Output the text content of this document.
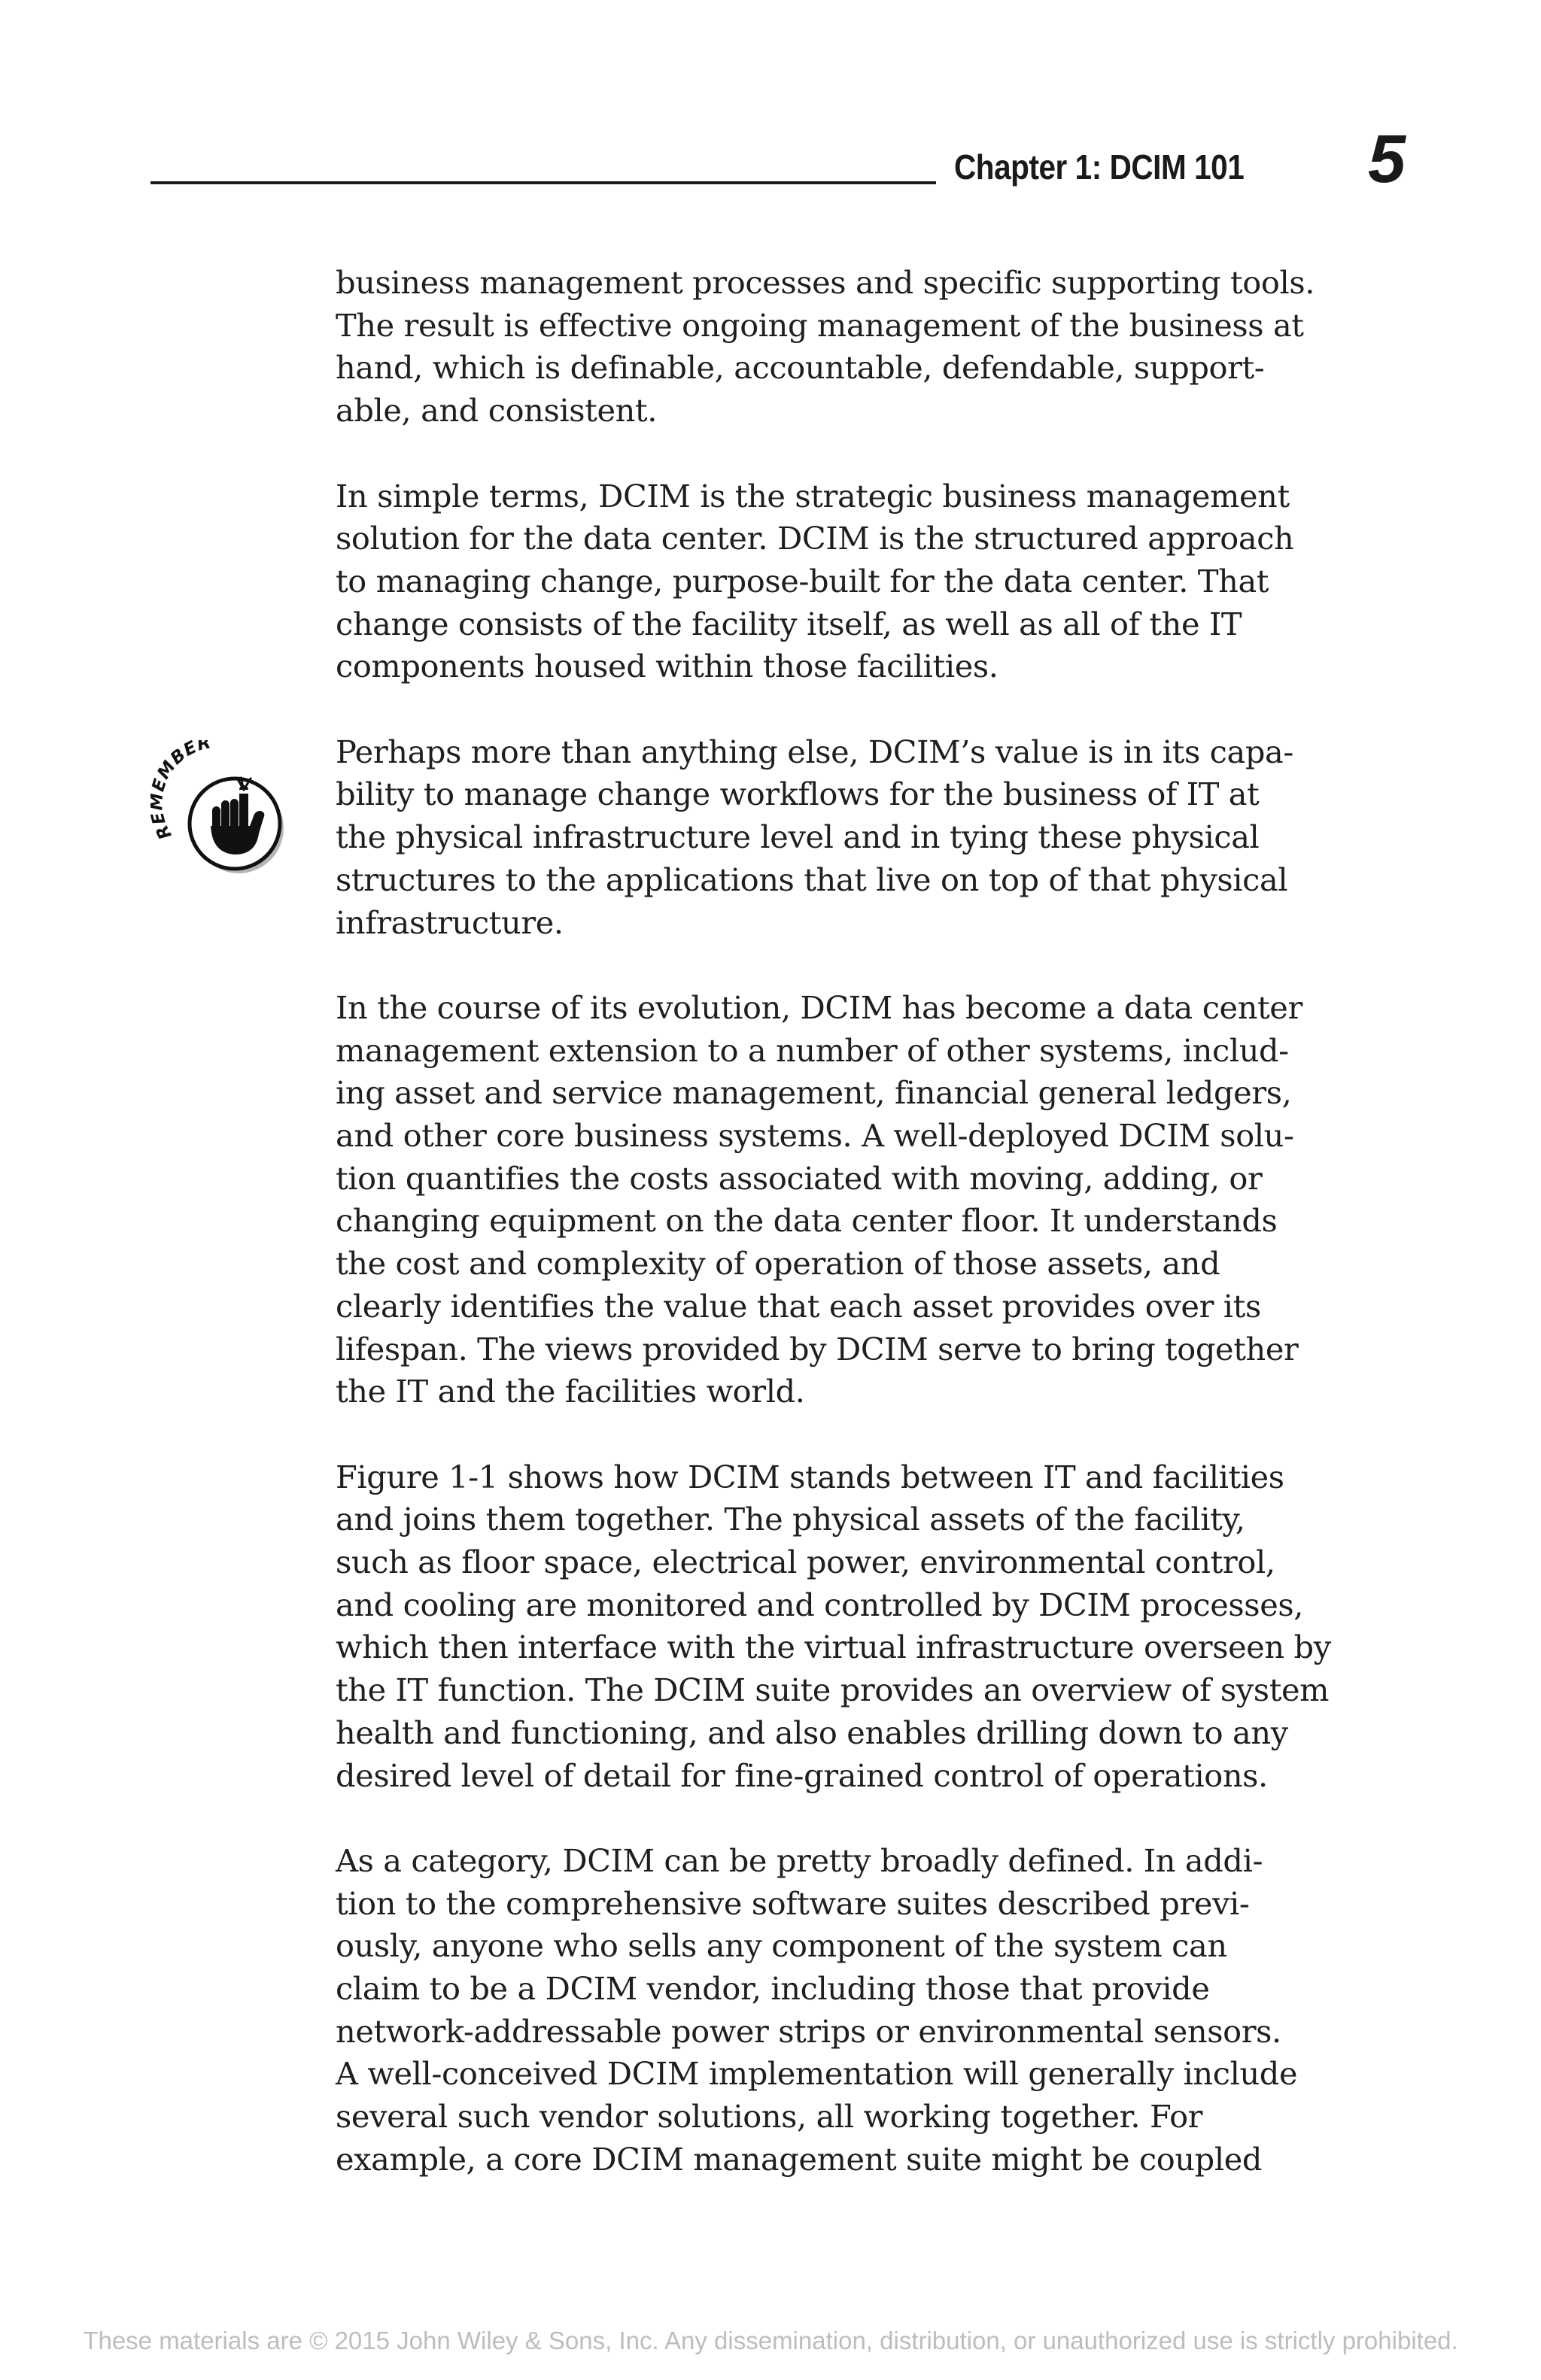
Chapter 1: DCIM 101	5
R EMBER
business management processes and specific supporting tools.
The result is effective ongoing management of the business at
hand, which is definable, accountable, defendable, support-
able, and consistent.
In simple terms, DCIM is the strategic business management
solution for the data center. DCIM is the structured approach
to managing change, purpose-built for the data center. That
change consists of the facility itself, as well as all of the IT
components housed within those facilities.
Perhaps more than anything else, DCIM’s value is in its capa-
bility to manage change workflows for the business of IT at
the physical infrastructure level and in tying these physical
structures to the applications that live on top of that physical
infrastructure.
In the course of its evolution, DCIM has become a data center
management extension to a number of other systems, includ-
ing asset and service management, financial general ledgers,
and other core business systems. A well-deployed DCIM solu-
tion quantifies the costs associated with moving, adding, or
changing equipment on the data center floor. It understands
the cost and complexity of operation of those assets, and
clearly identifies the value that each asset provides over its
lifespan. The views provided by DCIM serve to bring together
the IT and the facilities world.
Figure 1-1 shows how DCIM stands between IT and facilities
and joins them together. The physical assets of the facility,
such as floor space, electrical power, environmental control,
and cooling are monitored and controlled by DCIM processes,
which then interface with the virtual infrastructure overseen by
the IT function. The DCIM suite provides an overview of system
health and functioning, and also enables drilling down to any
desired level of detail for fine-grained control of operations.
As a category, DCIM can be pretty broadly defined. In addi-
tion to the comprehensive software suites described previ-
ously, anyone who sells any component of the system can
claim to be a DCIM vendor, including those that provide
network-addressable power strips or environmental sensors.
A well-conceived DCIM implementation will generally include
several such vendor solutions, all working together. For
example, a core DCIM management suite might be coupled
These materials are © 2015 John Wiley & Sons, Inc. Any dissemination, distribution, or unauthorized use is strictly prohibited.
